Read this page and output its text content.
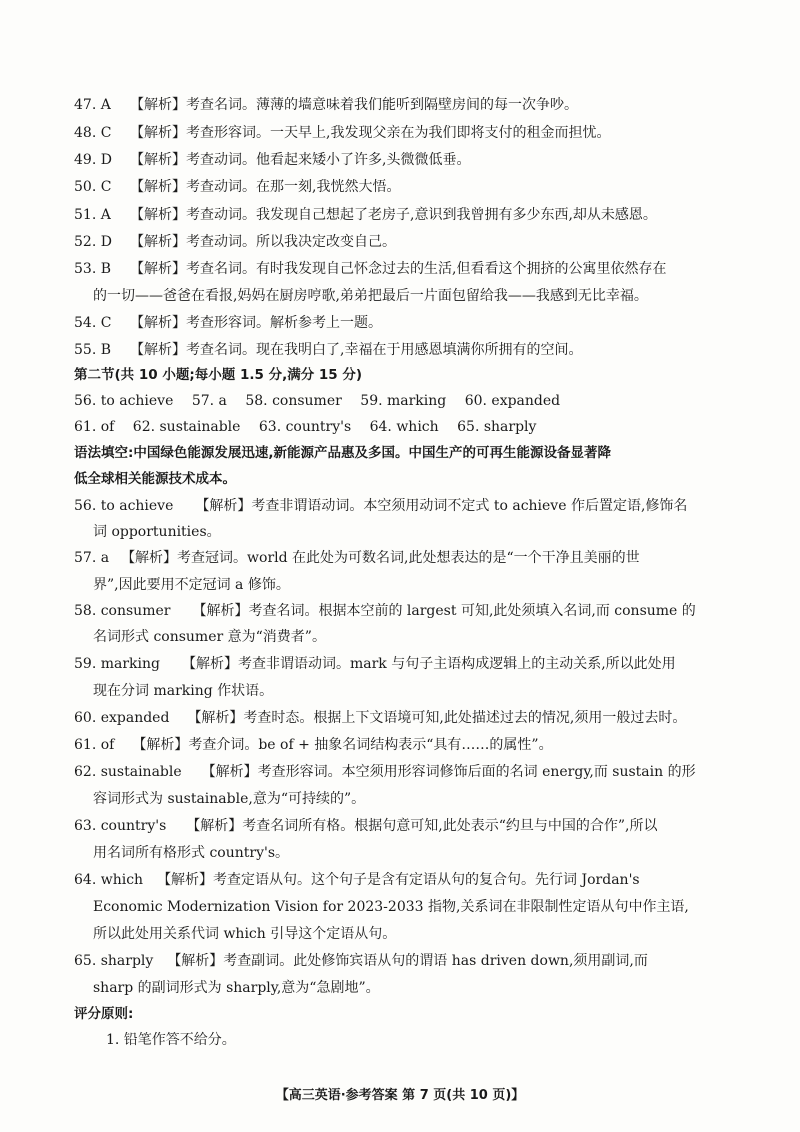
47. A 【解析】考查名词。薄薄的墙意味着我们能听到隔壁房间的每一次争吵。
48. C 【解析】考查形容词。一天早上,我发现父亲在为我们即将支付的租金而担忧。
49. D 【解析】考查动词。他看起来矮小了许多,头微微低垂。
50. C 【解析】考查动词。在那一刻,我恍然大悟。
51. A 【解析】考查动词。我发现自己想起了老房子,意识到我曾拥有多少东西,却从未感恩。
52. D 【解析】考查动词。所以我决定改变自己。
53. B 【解析】考查名词。有时我发现自己怀念过去的生活,但看看这个拥挤的公寓里依然存在
的一切——爸爸在看报,妈妈在厨房哼歌,弟弟把最后一片面包留给我——我感到无比幸福。
54. C 【解析】考查形容词。解析参考上一题。
55. B 【解析】考查名词。现在我明白了,幸福在于用感恩填满你所拥有的空间。
第二节(共 10 小题;每小题 1.5 分,满分 15 分)
56. to achieve 57. a 58. consumer 59. marking 60. expanded
61. of 62. sustainable 63. country's 64. which 65. sharply
语法填空:中国绿色能源发展迅速,新能源产品惠及多国。中国生产的可再生能源设备显著降
低全球相关能源技术成本。
56. to achieve 【解析】考查非谓语动词。本空须用动词不定式 to achieve 作后置定语,修饰名
词 opportunities。
57. a 【解析】考查冠词。world 在此处为可数名词,此处想表达的是“一个干净且美丽的世
界”,因此要用不定冠词 a 修饰。
58. consumer 【解析】考查名词。根据本空前的 largest 可知,此处须填入名词,而 consume 的
名词形式 consumer 意为“消费者”。
59. marking 【解析】考查非谓语动词。mark 与句子主语构成逻辑上的主动关系,所以此处用
现在分词 marking 作状语。
60. expanded 【解析】考查时态。根据上下文语境可知,此处描述过去的情况,须用一般过去时。
61. of 【解析】考查介词。be of + 抽象名词结构表示“具有……的属性”。
62. sustainable 【解析】考查形容词。本空须用形容词修饰后面的名词 energy,而 sustain 的形
容词形式为 sustainable,意为“可持续的”。
63. country's 【解析】考查名词所有格。根据句意可知,此处表示“约旦与中国的合作”,所以
用名词所有格形式 country's。
64. which 【解析】考查定语从句。这个句子是含有定语从句的复合句。先行词 Jordan's
Economic Modernization Vision for 2023-2033 指物,关系词在非限制性定语从句中作主语,
所以此处用关系代词 which 引导这个定语从句。
65. sharply 【解析】考查副词。此处修饰宾语从句的谓语 has driven down,须用副词,而
sharp 的副词形式为 sharply,意为“急剧地”。
评分原则:
1. 铅笔作答不给分。
【高三英语·参考答案 第 7 页(共 10 页)】
